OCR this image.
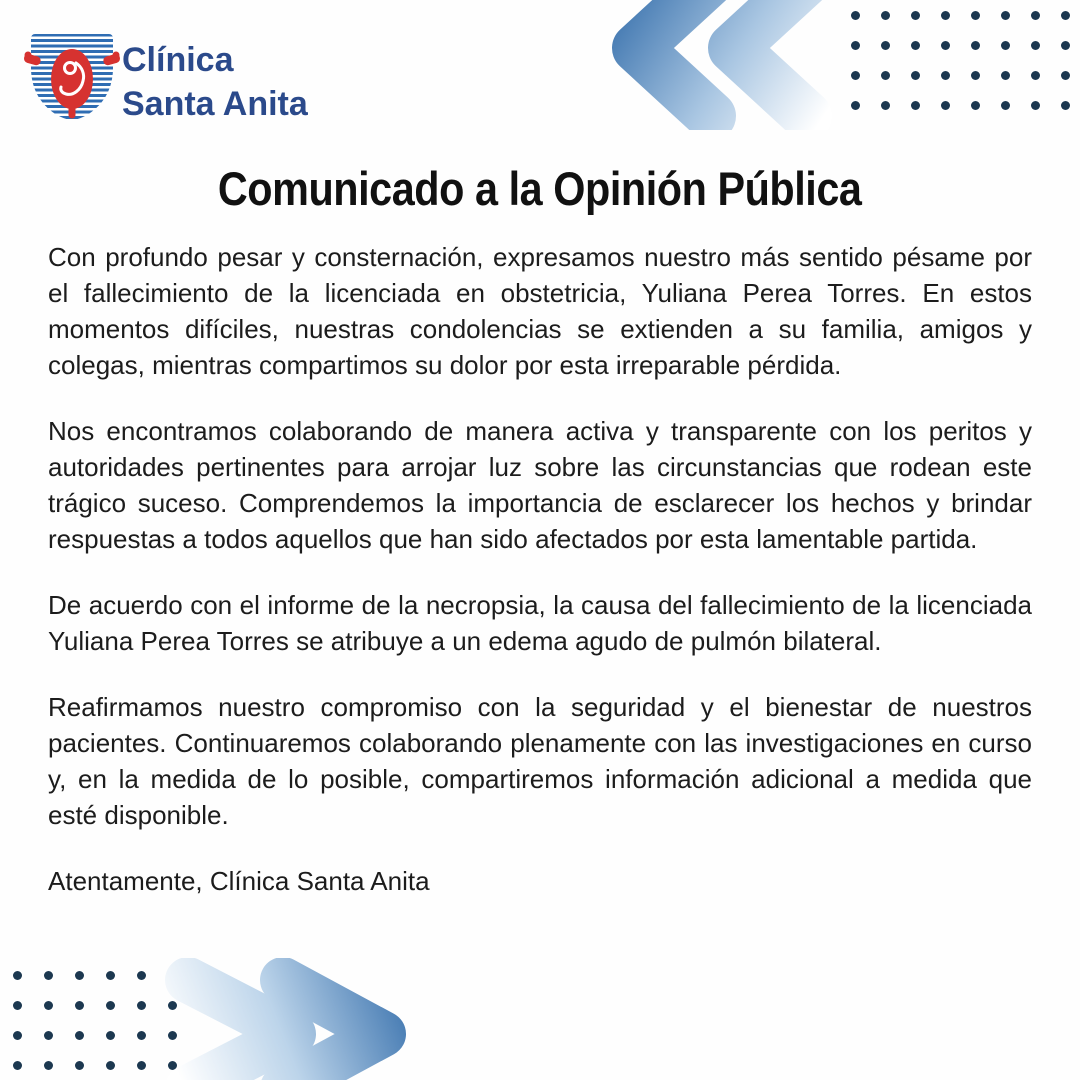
Clínica
Santa Anita
Comunicado a la Opinión Pública

Con profundo pesar y consternación, expresamos nuestro más sentido pésame por el fallecimiento de la licenciada en obstetricia, Yuliana Perea Torres. En estos momentos difíciles, nuestras condolencias se extienden a su familia, amigos y colegas, mientras compartimos su dolor por esta irreparable pérdida.

Nos encontramos colaborando de manera activa y transparente con los peritos y autoridades pertinentes para arrojar luz sobre las circunstancias que rodean este trágico suceso. Comprendemos la importancia de esclarecer los hechos y brindar respuestas a todos aquellos que han sido afectados por esta lamentable partida.

De acuerdo con el informe de la necropsia, la causa del fallecimiento de la licenciada Yuliana Perea Torres se atribuye a un edema agudo de pulmón bilateral.

Reafirmamos nuestro compromiso con la seguridad y el bienestar de nuestros pacientes. Continuaremos colaborando plenamente con las investigaciones en curso y, en la medida de lo posible, compartiremos información adicional a medida que esté disponible.

Atentamente, Clínica Santa Anita
